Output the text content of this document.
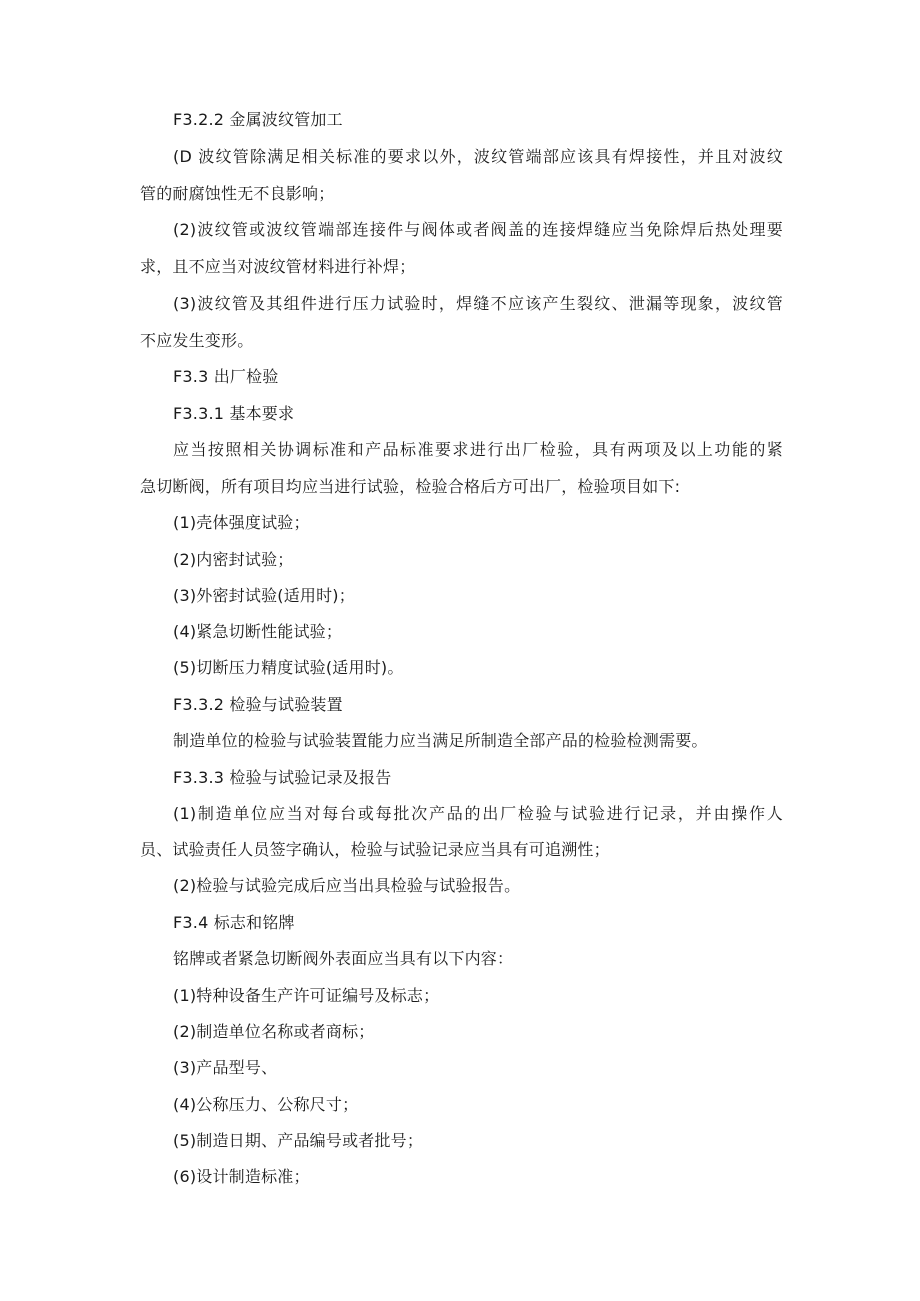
F3.2.2 金属波纹管加工
(D 波纹管除满足相关标准的要求以外，波纹管端部应该具有焊接性，并且对波纹
管的耐腐蚀性无不良影响；
(2)波纹管或波纹管端部连接件与阀体或者阀盖的连接焊缝应当免除焊后热处理要
求，且不应当对波纹管材料进行补焊；
(3)波纹管及其组件进行压力试验时，焊缝不应该产生裂纹、泄漏等现象，波纹管
不应发生变形。
F3.3 出厂检验
F3.3.1 基本要求
应当按照相关协调标准和产品标准要求进行出厂检验，具有两项及以上功能的紧
急切断阀，所有项目均应当进行试验，检验合格后方可出厂，检验项目如下:
(1)壳体强度试验；
(2)内密封试验；
(3)外密封试验(适用时)；
(4)紧急切断性能试验；
(5)切断压力精度试验(适用时)。
F3.3.2 检验与试验装置
制造单位的检验与试验装置能力应当满足所制造全部产品的检验检测需要。
F3.3.3 检验与试验记录及报告
(1)制造单位应当对每台或每批次产品的出厂检验与试验进行记录，并由操作人
员、试验责任人员签字确认，检验与试验记录应当具有可追溯性；
(2)检验与试验完成后应当出具检验与试验报告。
F3.4 标志和铭牌
铭牌或者紧急切断阀外表面应当具有以下内容：
(1)特种设备生产许可证编号及标志；
(2)制造单位名称或者商标；
(3)产品型号、
(4)公称压力、公称尺寸；
(5)制造日期、产品编号或者批号；
(6)设计制造标准；
